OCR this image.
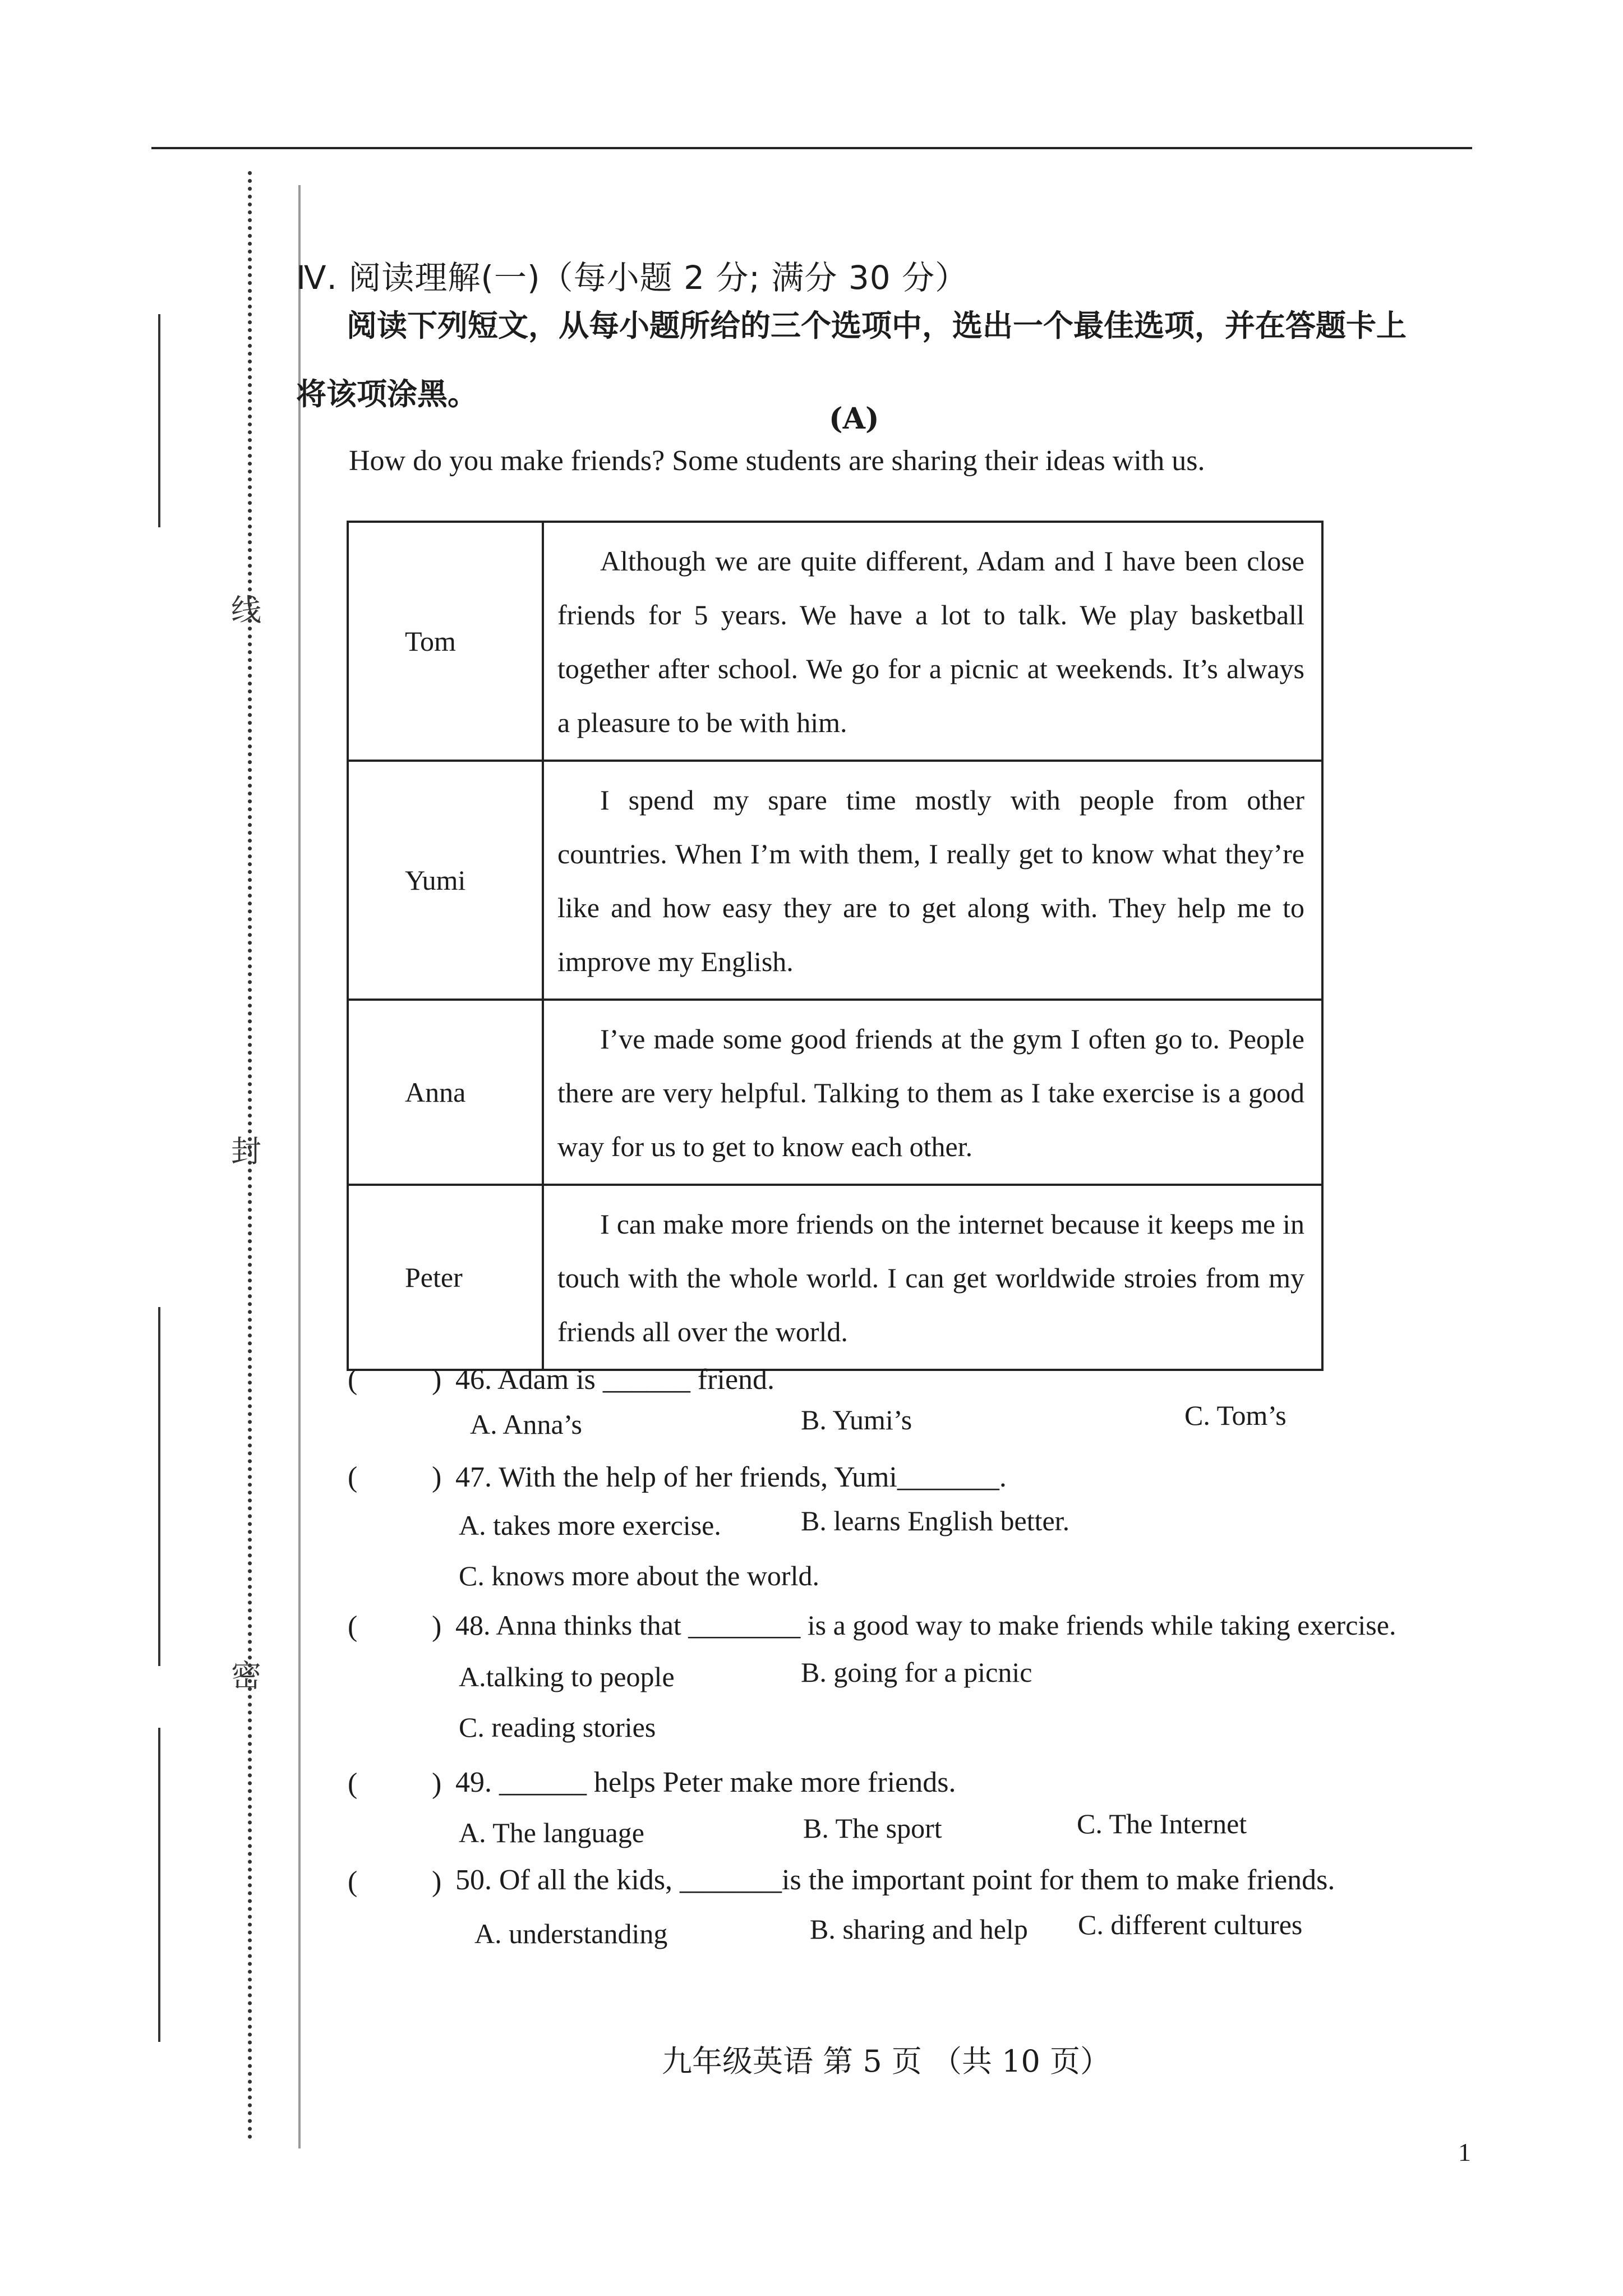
线
封
密
Ⅳ. 阅读理解(一)（每小题 2 分; 满分 30 分）
阅读下列短文，从每小题所给的三个选项中，选出一个最佳选项，并在答题卡上将该项涂黑。
(A)
How do you make friends? Some students are sharing their ideas with us.
Tom	Although we are quite different, Adam and I have been close friends for 5 years. We have a lot to talk. We play basketball together after school. We go for a picnic at weekends. It’s always a pleasure to be with him.
Yumi	I spend my spare time mostly with people from other countries. When I’m with them, I really get to know what they’re like and how easy they are to get along with. They help me to improve my English.
Anna	I’ve made some good friends at the gym I often go to. People there are very helpful. Talking to them as I take exercise is a good way for us to get to know each other.
Peter	I can make more friends on the internet because it keeps me in touch with the whole world. I can get worldwide stroies from my friends all over the world.
(	) 46. Adam is ______ friend.
A. Anna’s	B. Yumi’s	C. Tom’s
(	) 47. With the help of her friends, Yumi_______.
A. takes more exercise.	B. learns English better.
C. knows more about the world.
(	) 48. Anna thinks that ________ is a good way to make friends while taking exercise.
A.talking to people	B. going for a picnic
C. reading stories
(	) 49. ______ helps Peter make more friends.
A. The language	B. The sport	C. The Internet
(	) 50. Of all the kids, _______is the important point for them to make friends.
A. understanding	B. sharing and help C. different cultures
九年级英语 第 5 页 （共 10 页）
1
